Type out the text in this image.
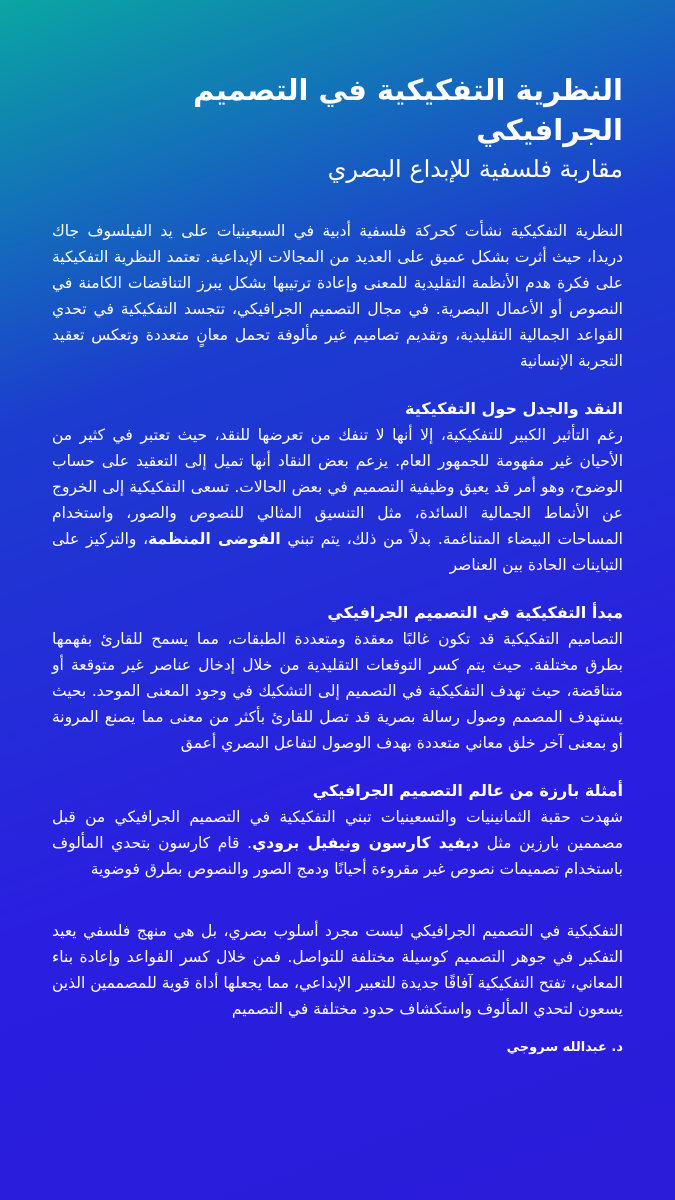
النظرية التفكيكية في التصميم الجرافيكي
مقاربة فلسفية للإبداع البصري

النظرية التفكيكية نشأت كحركة فلسفية أدبية في السبعينيات على يد الفيلسوف جاك دريدا، حيث أثرت بشكل عميق على العديد من المجالات الإبداعية. تعتمد النظرية التفكيكية على فكرة هدم الأنظمة التقليدية للمعنى وإعادة ترتيبها بشكل يبرز التناقضات الكامنة في النصوص أو الأعمال البصرية. في مجال التصميم الجرافيكي، تتجسد التفكيكية في تحدي القواعد الجمالية التقليدية، وتقديم تصاميم غير مألوفة تحمل معانٍ متعددة وتعكس تعقيد التجربة الإنسانية

النقد والجدل حول التفكيكية

رغم التأثير الكبير للتفكيكية، إلا أنها لا تنفك من تعرضها للنقد، حيث تعتبر في كثير من الأحيان غير مفهومة للجمهور العام. يزعم بعض النقاد أنها تميل إلى التعقيد على حساب الوضوح، وهو أمر قد يعيق وظيفية التصميم في بعض الحالات. تسعى التفكيكية إلى الخروج عن الأنماط الجمالية السائدة، مثل التنسيق المثالي للنصوص والصور، واستخدام المساحات البيضاء المتناغمة. بدلاً من ذلك، يتم تبني الفوضى المنظمة، والتركيز على التباينات الحادة بين العناصر

مبدأ التفكيكية في التصميم الجرافيكي

التصاميم التفكيكية قد تكون غالبًا معقدة ومتعددة الطبقات، مما يسمح للقارئ بفهمها بطرق مختلفة. حيث يتم كسر التوقعات التقليدية من خلال إدخال عناصر غير متوقعة أو متناقضة، حيث تهدف التفكيكية في التصميم إلى التشكيك في وجود المعنى الموحد. بحيث يستهدف المصمم وصول رسالة بصرية قد تصل للقارئ بأكثر من معنى مما يصنع المرونة أو بمعنى آخر خلق معاني متعددة بهدف الوصول لتفاعل البصري أعمق

أمثلة بارزة من عالم التصميم الجرافيكي

شهدت حقبة الثمانينيات والتسعينيات تبني التفكيكية في التصميم الجرافيكي من قبل مصممين بارزين مثل ديفيد كارسون ونيفيل برودي. قام كارسون بتحدي المألوف باستخدام تصميمات نصوص غير مقروءة أحيانًا ودمج الصور والنصوص بطرق فوضوية

التفكيكية في التصميم الجرافيكي ليست مجرد أسلوب بصري، بل هي منهج فلسفي يعيد التفكير في جوهر التصميم كوسيلة مختلفة للتواصل. فمن خلال كسر القواعد وإعادة بناء المعاني، تفتح التفكيكية آفاقًا جديدة للتعبير الإبداعي، مما يجعلها أداة قوية للمصممين الذين يسعون لتحدي المألوف واستكشاف حدود مختلفة في التصميم

د. عبدالله سروجي
